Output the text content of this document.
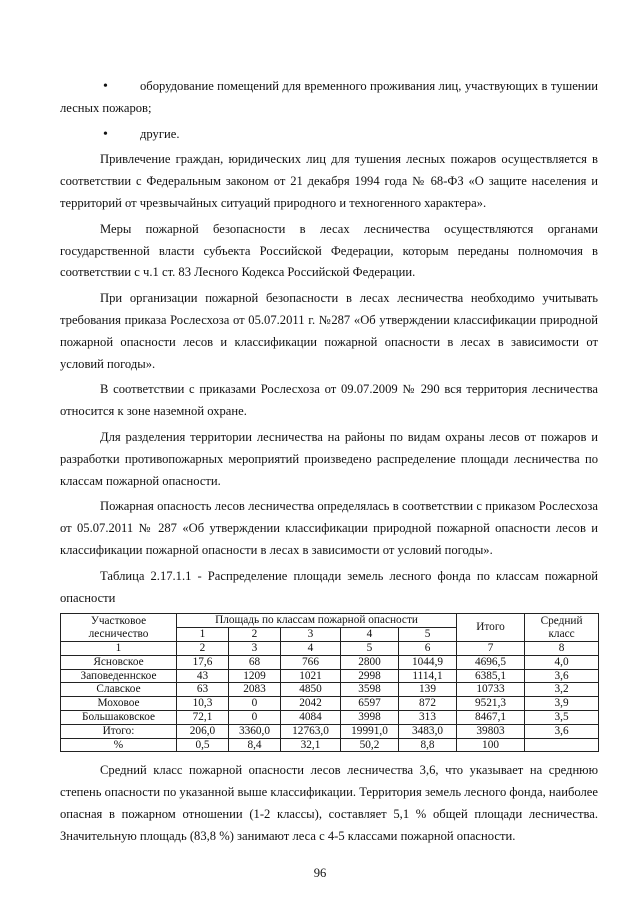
•	оборудование помещений для временного проживания лиц, участвующих в тушении лесных пожаров;
•	другие.

Привлечение граждан, юридических лиц для тушения лесных пожаров осуществляется в соответствии с Федеральным законом от 21 декабря 1994 года № 68-ФЗ «О защите населения и территорий от чрезвычайных ситуаций природного и техногенного характера».

Меры пожарной безопасности в лесах лесничества осуществляются органами государственной власти субъекта Российской Федерации, которым переданы полномочия в соответствии с ч.1 ст. 83 Лесного Кодекса Российской Федерации.

При организации пожарной безопасности в лесах лесничества необходимо учитывать требования приказа Рослесхоза от 05.07.2011 г. №287 «Об утверждении классификации природной пожарной опасности лесов и классификации пожарной опасности в лесах в зависимости от условий погоды».

В соответствии с приказами Рослесхоза от 09.07.2009 № 290 вся территория лесничества относится к зоне наземной охране.

Для разделения территории лесничества на районы по видам охраны лесов от пожаров и разработки противопожарных мероприятий произведено распределение площади лесничества по классам пожарной опасности.

Пожарная опасность лесов лесничества определялась в соответствии с приказом Рослесхоза от 05.07.2011 № 287 «Об утверждении классификации природной пожарной опасности лесов и классификации пожарной опасности в лесах в зависимости от условий погоды».

Таблица 2.17.1.1 - Распределение площади земель лесного фонда по классам пожарной опасности

Участковое лесничество	Площадь по классам пожарной опасности					Итого	Средний класс
	1	2	3	4	5		
1	2	3	4	5	6	7	8
Ясновское	17,6	68	766	2800	1044,9	4696,5	4,0
Заповеденнское	43	1209	1021	2998	1114,1	6385,1	3,6
Славское	63	2083	4850	3598	139	10733	3,2
Моховое	10,3	0	2042	6597	872	9521,3	3,9
Большаковское	72,1	0	4084	3998	313	8467,1	3,5
Итого:	206,0	3360,0	12763,0	19991,0	3483,0	39803	3,6
%	0,5	8,4	32,1	50,2	8,8	100	

Средний класс пожарной опасности лесов лесничества 3,6, что указывает на среднюю степень опасности по указанной выше классификации. Территория земель лесного фонда, наиболее опасная в пожарном отношении (1-2 классы), составляет 5,1 % общей площади лесничества. Значительную площадь (83,8 %) занимают леса с 4-5 классами пожарной опасности.

96
